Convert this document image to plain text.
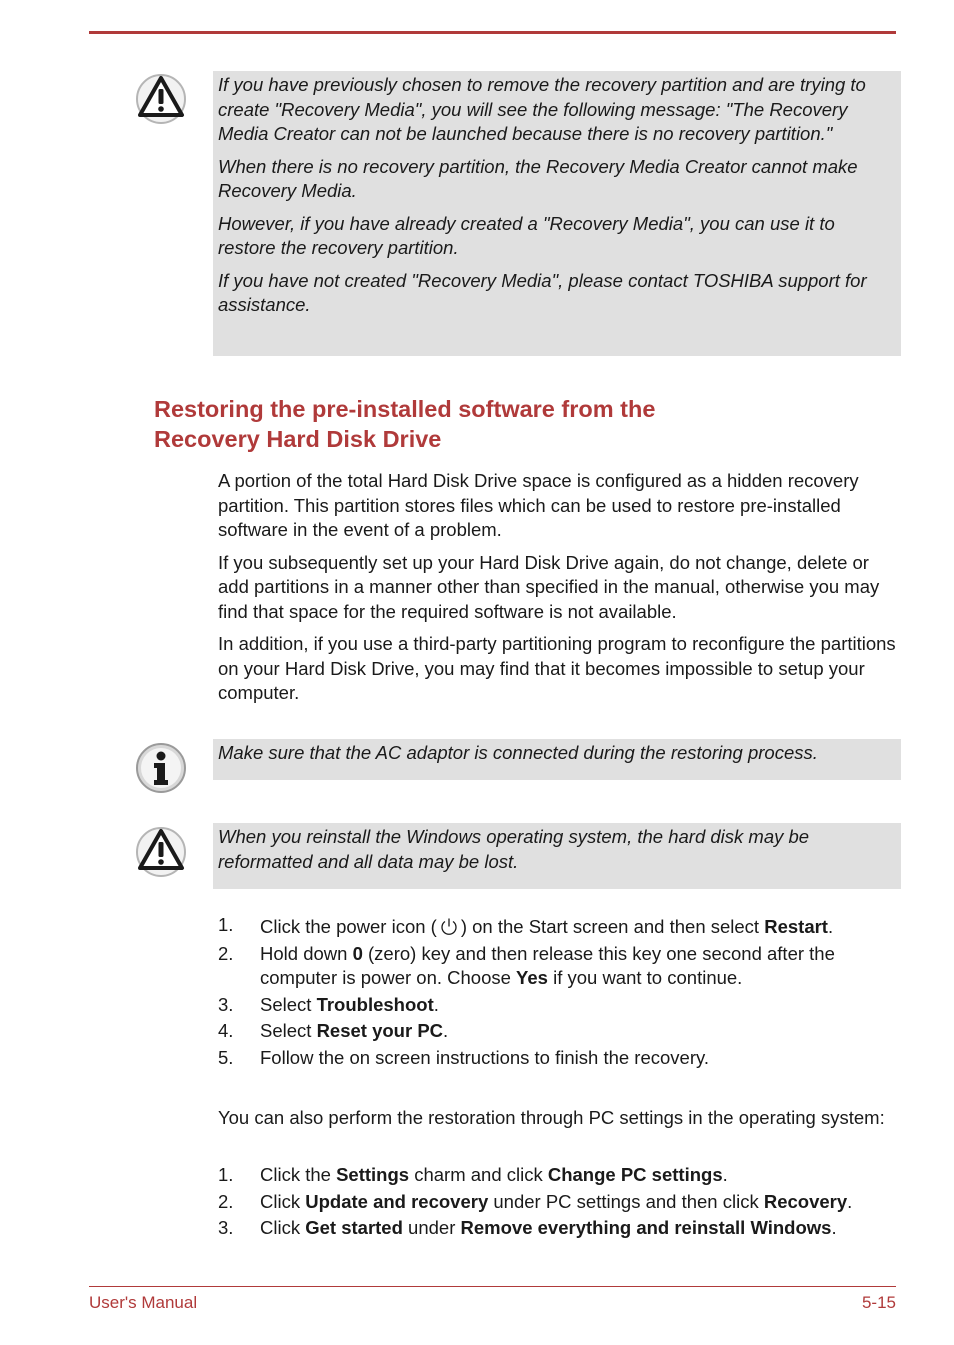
If you have previously chosen to remove the recovery partition and are trying to create "Recovery Media", you will see the following message: "The Recovery Media Creator can not be launched because there is no recovery partition."

When there is no recovery partition, the Recovery Media Creator cannot make Recovery Media.

However, if you have already created a "Recovery Media", you can use it to restore the recovery partition.

If you have not created "Recovery Media", please contact TOSHIBA support for assistance.

Restoring the pre-installed software from the
Recovery Hard Disk Drive

A portion of the total Hard Disk Drive space is configured as a hidden recovery partition. This partition stores files which can be used to restore pre-installed software in the event of a problem.

If you subsequently set up your Hard Disk Drive again, do not change, delete or add partitions in a manner other than specified in the manual, otherwise you may find that space for the required software is not available.

In addition, if you use a third-party partitioning program to reconfigure the partitions on your Hard Disk Drive, you may find that it becomes impossible to setup your computer.

Make sure that the AC adaptor is connected during the restoring process.

When you reinstall the Windows operating system, the hard disk may be reformatted and all data may be lost.

1. Click the power icon ( ) on the Start screen and then select Restart.
2. Hold down 0 (zero) key and then release this key one second after the computer is power on. Choose Yes if you want to continue.
3. Select Troubleshoot.
4. Select Reset your PC.
5. Follow the on screen instructions to finish the recovery.

You can also perform the restoration through PC settings in the operating system:

1. Click the Settings charm and click Change PC settings.
2. Click Update and recovery under PC settings and then click Recovery.
3. Click Get started under Remove everything and reinstall Windows.
User's Manual	5-15
